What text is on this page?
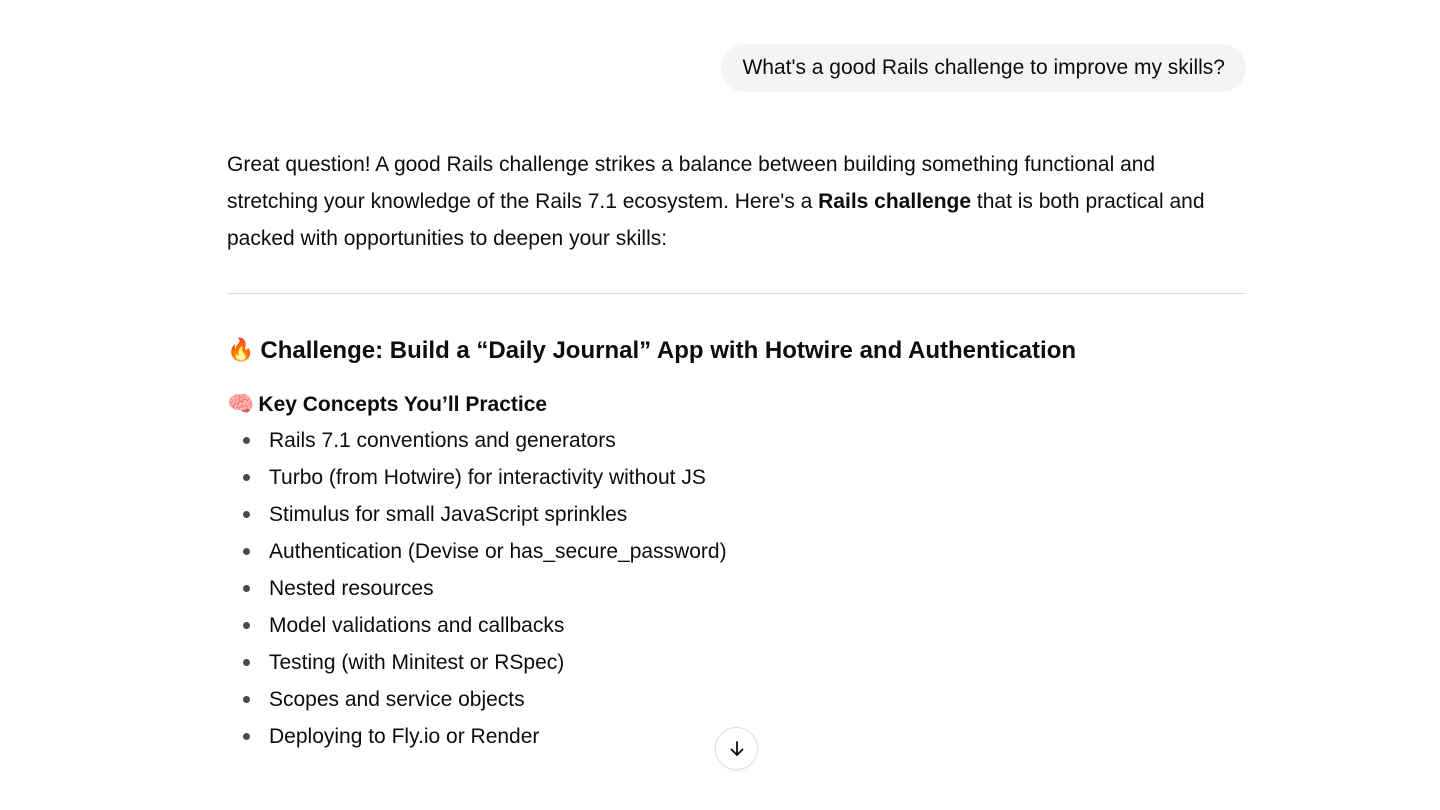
What's a good Rails challenge to improve my skills?

Great question! A good Rails challenge strikes a balance between building something functional and stretching your knowledge of the Rails 7.1 ecosystem. Here's a Rails challenge that is both practical and packed with opportunities to deepen your skills:

🔥 Challenge: Build a “Daily Journal” App with Hotwire and Authentication
🧠 Key Concepts You’ll Practice
Rails 7.1 conventions and generators
Turbo (from Hotwire) for interactivity without JS
Stimulus for small JavaScript sprinkles
Authentication (Devise or has_secure_password)
Nested resources
Model validations and callbacks
Testing (with Minitest or RSpec)
Scopes and service objects
Deploying to Fly.io or Render
